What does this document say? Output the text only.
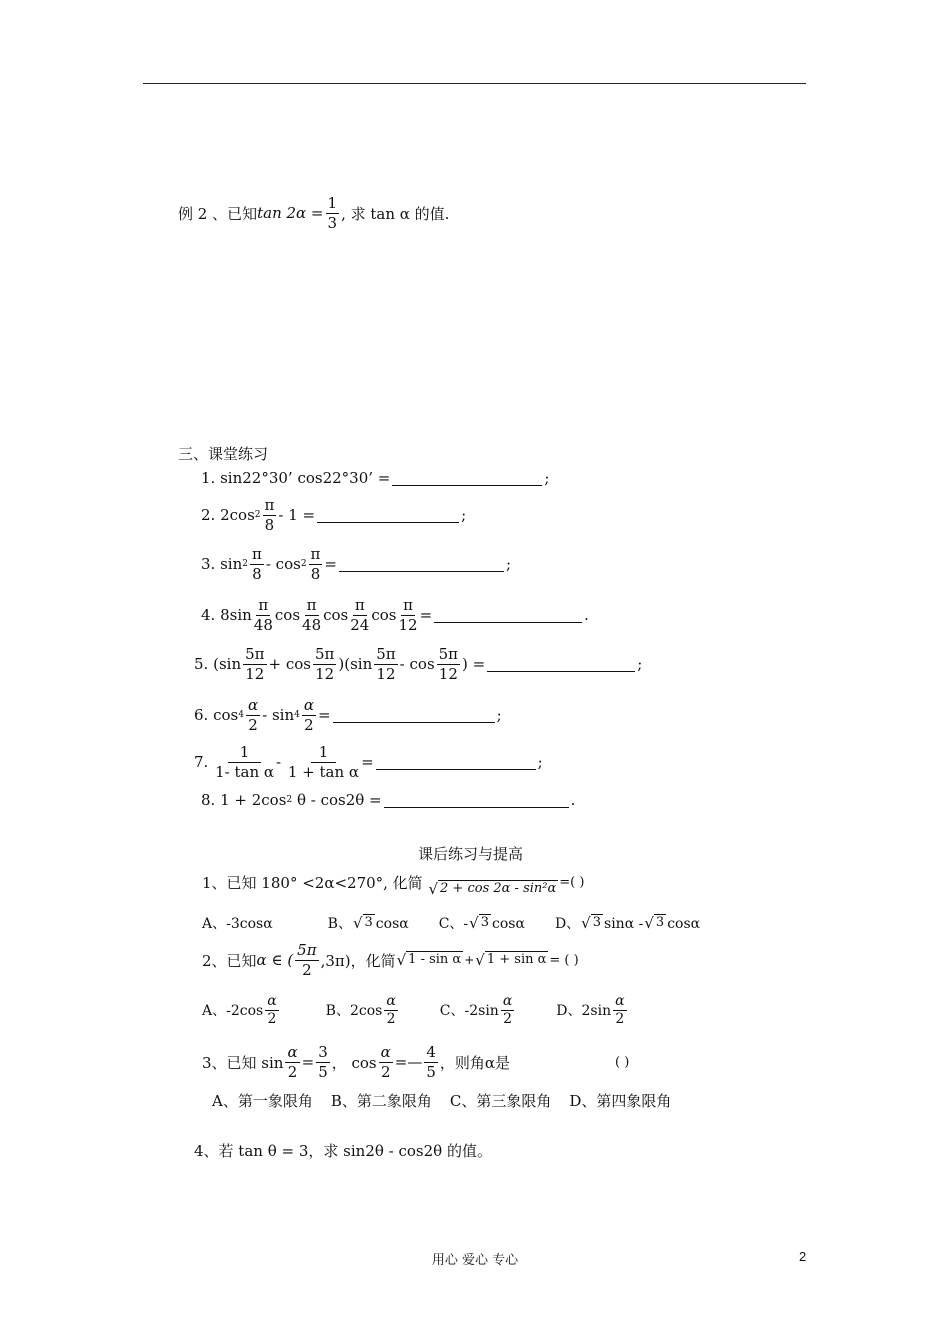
例 2 、已知 $\tan 2\alpha = \frac{1}{3}$ , 求 tan α 的值.
三、课堂练习
1.
sin22°30’ cos22°30’ =	;
2.
2cos 2
π
8
- 1 =	;
3.
sin 2
π
8
- $\cos 2 \frac{\pi}{8}$ =	;
4.
8sin
π
48
cos
π
48
cos
π
24
$\cos \frac{\pi}{12}$ =	.
5.
(sin
5π
12
+ cos
5π
12
)(sin
5π
12
- cos
5π
12
) =	;
6.
cos 4
α
2
- $\sin 4 \frac{\alpha}{2}$ =	;
7.

1
1- tan α
-
$\frac{1}{\text{1 + tan α}}$ =	;
8.
1 + 2cos 2
θ - cos2θ =	.
课后练习与提高
1、已知 180° <2α<270°, 化简
√ 2 + cos 2α - sin²α =( )
A、-3cosα	B、 √ 3 cosα C、- √ 3 cosα D、 √ 3 sinα - √ 3 cosα
2、已知 α ∈ (
5π
2 ,3π)，化简 √ 1 - sin α + √ 1 + sin α = ( )
A、$-2\cos \frac{\alpha}{2}$	B、$2\cos \frac{\alpha}{2}$	C、$-2\sin \frac{\alpha}{2}$	D、$2\sin \frac{\alpha}{2}$
3、已知 $\sin \frac{\alpha}{2} = \frac{3}{5}$ ， $\cos \frac{\alpha}{2}$ =—
4
5 ，则角α是	( )
A、第一象限角 B、第二象限角 C、第三象限角 D、第四象限角
4、若 tan θ = 3，求 sin2θ - cos2θ 的值。
用心 爱心 专心	2
